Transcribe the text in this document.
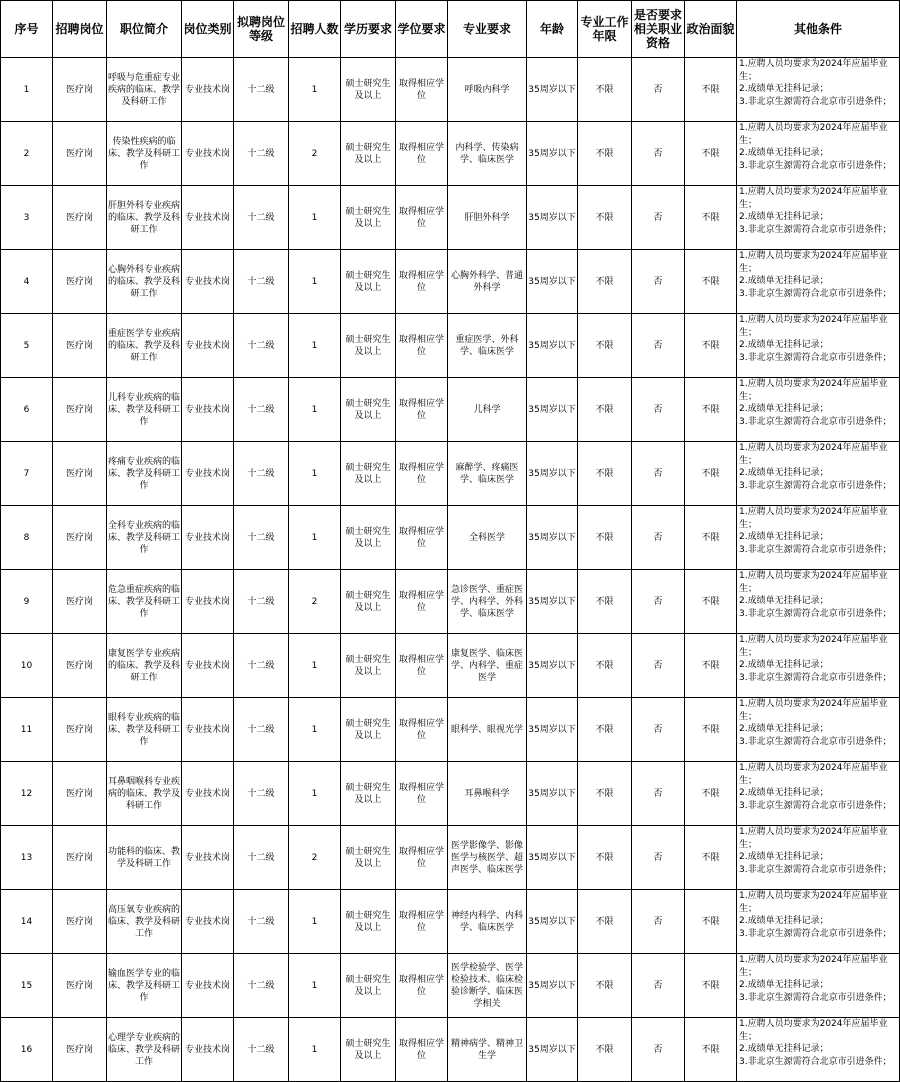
序号	招聘岗位	职位简介	岗位类别	拟聘岗位等级	招聘人数	学历要求	学位要求	专业要求	年龄	专业工作年限	是否要求相关职业资格	政治面貌	其他条件
1	医疗岗	呼吸与危重症专业疾病的临床、教学及科研工作	专业技术岗	十二级	1	硕士研究生及以上	取得相应学位	呼吸内科学	35周岁以下	不限	否	不限	1.应聘人员均要求为2024年应届毕业生；
2.成绩单无挂科记录；
3.非北京生源需符合北京市引进条件；

2	医疗岗	传染性疾病的临床、教学及科研工作	专业技术岗	十二级	2	硕士研究生及以上	取得相应学位	内科学、传染病学、临床医学	35周岁以下	不限	否	不限	1.应聘人员均要求为2024年应届毕业生；
2.成绩单无挂科记录；
3.非北京生源需符合北京市引进条件；

3	医疗岗	肝胆外科专业疾病的临床、教学及科研工作	专业技术岗	十二级	1	硕士研究生及以上	取得相应学位	肝胆外科学	35周岁以下	不限	否	不限	1.应聘人员均要求为2024年应届毕业生；
2.成绩单无挂科记录；
3.非北京生源需符合北京市引进条件；

4	医疗岗	心胸外科专业疾病的临床、教学及科研工作	专业技术岗	十二级	1	硕士研究生及以上	取得相应学位	心胸外科学、普通外科学	35周岁以下	不限	否	不限	1.应聘人员均要求为2024年应届毕业生；
2.成绩单无挂科记录；
3.非北京生源需符合北京市引进条件；

5	医疗岗	重症医学专业疾病的临床、教学及科研工作	专业技术岗	十二级	1	硕士研究生及以上	取得相应学位	重症医学、外科学、临床医学	35周岁以下	不限	否	不限	1.应聘人员均要求为2024年应届毕业生；
2.成绩单无挂科记录；
3.非北京生源需符合北京市引进条件；

6	医疗岗	儿科专业疾病的临床、教学及科研工作	专业技术岗	十二级	1	硕士研究生及以上	取得相应学位	儿科学	35周岁以下	不限	否	不限	1.应聘人员均要求为2024年应届毕业生；
2.成绩单无挂科记录；
3.非北京生源需符合北京市引进条件；

7	医疗岗	疼痛专业疾病的临床、教学及科研工作	专业技术岗	十二级	1	硕士研究生及以上	取得相应学位	麻醉学、疼痛医学、临床医学	35周岁以下	不限	否	不限	1.应聘人员均要求为2024年应届毕业生；
2.成绩单无挂科记录；
3.非北京生源需符合北京市引进条件；

8	医疗岗	全科专业疾病的临床、教学及科研工作	专业技术岗	十二级	1	硕士研究生及以上	取得相应学位	全科医学	35周岁以下	不限	否	不限	1.应聘人员均要求为2024年应届毕业生；
2.成绩单无挂科记录；
3.非北京生源需符合北京市引进条件；

9	医疗岗	危急重症疾病的临床、教学及科研工作	专业技术岗	十二级	2	硕士研究生及以上	取得相应学位	急诊医学、重症医学、内科学、外科学、临床医学	35周岁以下	不限	否	不限	1.应聘人员均要求为2024年应届毕业生；
2.成绩单无挂科记录；
3.非北京生源需符合北京市引进条件；

10	医疗岗	康复医学专业疾病的临床、教学及科研工作	专业技术岗	十二级	1	硕士研究生及以上	取得相应学位	康复医学、临床医学、内科学、重症医学	35周岁以下	不限	否	不限	1.应聘人员均要求为2024年应届毕业生；
2.成绩单无挂科记录；
3.非北京生源需符合北京市引进条件；

11	医疗岗	眼科专业疾病的临床、教学及科研工作	专业技术岗	十二级	1	硕士研究生及以上	取得相应学位	眼科学、眼视光学	35周岁以下	不限	否	不限	1.应聘人员均要求为2024年应届毕业生；
2.成绩单无挂科记录；
3.非北京生源需符合北京市引进条件；

12	医疗岗	耳鼻咽喉科专业疾病的临床、教学及科研工作	专业技术岗	十二级	1	硕士研究生及以上	取得相应学位	耳鼻喉科学	35周岁以下	不限	否	不限	1.应聘人员均要求为2024年应届毕业生；
2.成绩单无挂科记录；
3.非北京生源需符合北京市引进条件；

13	医疗岗	功能科的临床、教学及科研工作	专业技术岗	十二级	2	硕士研究生及以上	取得相应学位	医学影像学、影像医学与核医学、超声医学、临床医学	35周岁以下	不限	否	不限	1.应聘人员均要求为2024年应届毕业生；
2.成绩单无挂科记录；
3.非北京生源需符合北京市引进条件；

14	医疗岗	高压氧专业疾病的临床、教学及科研工作	专业技术岗	十二级	1	硕士研究生及以上	取得相应学位	神经内科学、内科学、临床医学	35周岁以下	不限	否	不限	1.应聘人员均要求为2024年应届毕业生；
2.成绩单无挂科记录；
3.非北京生源需符合北京市引进条件；

15	医疗岗	输血医学专业的临床、教学及科研工作	专业技术岗	十二级	1	硕士研究生及以上	取得相应学位	医学检验学、医学检验技术、临床检验诊断学、临床医学相关	35周岁以下	不限	否	不限	1.应聘人员均要求为2024年应届毕业生；
2.成绩单无挂科记录；
3.非北京生源需符合北京市引进条件；

16	医疗岗	心理学专业疾病的临床、教学及科研工作	专业技术岗	十二级	1	硕士研究生及以上	取得相应学位	精神病学、精神卫生学	35周岁以下	不限	否	不限	1.应聘人员均要求为2024年应届毕业生；
2.成绩单无挂科记录；
3.非北京生源需符合北京市引进条件；
